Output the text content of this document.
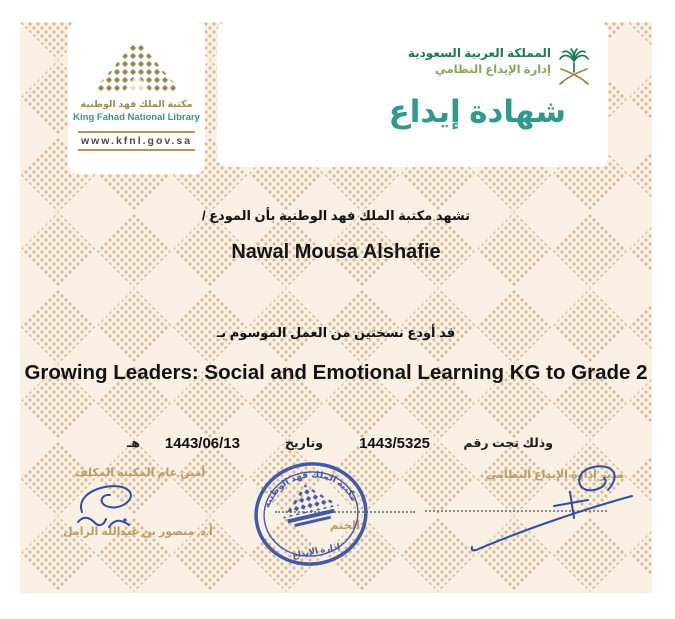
مكتبة الملك فهد الوطنية
King Fahad National Library
www.kfnl.gov.sa
المملكة العربية السعودية
إدارة الإيداع النظامي
شهادة إيداع
تشهد مكتبة الملك فهد الوطنية بأن المودع /
Nawal Mousa Alshafie
قد أودع نسختين من العمل الموسوم بـ
Growing Leaders: Social and Emotional Learning KG to Grade 2
وذلك تحت رقم
1443/5325
وتاريخ
1443/06/13
هـ
أمين عام المكتبة المكلف
أ.د. منصور بن عبدالله الزامل
مكتبة الملك فهد الوطنية
إدارة الإيداع
الختم
مدير إدارة الإيداع النظامي
